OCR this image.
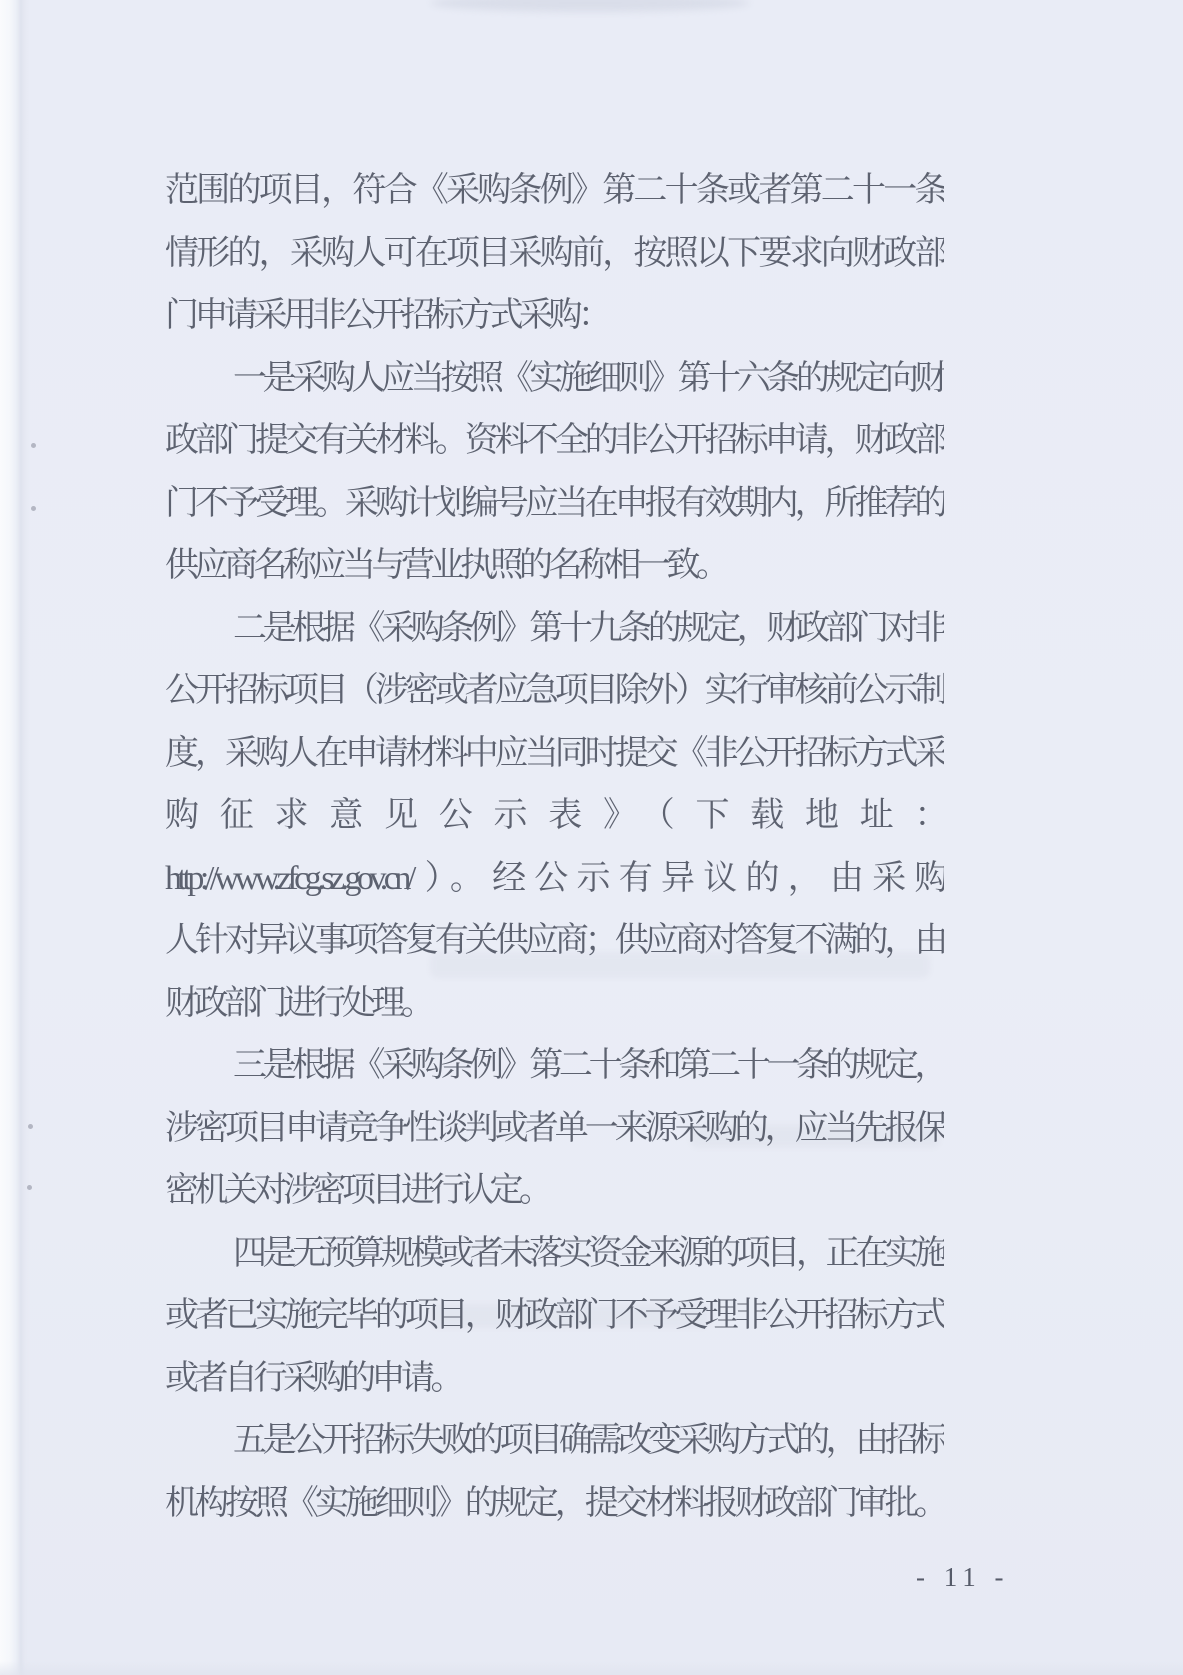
范围的项目，符合《采购条例》第二十条或者第二十一条
情形的，采购人可在项目采购前，按照以下要求向财政部
门申请采用非公开招标方式采购：
一是采购人应当按照《实施细则》第十六条的规定向财
政部门提交有关材料。资料不全的非公开招标申请，财政部
门不予受理。采购计划编号应当在申报有效期内，所推荐的
供应商名称应当与营业执照的名称相一致。
二是根据《采购条例》第十九条的规定，财政部门对非
公开招标项目（涉密或者应急项目除外）实行审核前公示制
度，采购人在申请材料中应当同时提交《非公开招标方式采
购征求意见公示表》（下载地址：
http://www.zfcg.sz.gov.cn/）。经公示有异议的，由采购
人针对异议事项答复有关供应商；供应商对答复不满的，由
财政部门进行处理。
三是根据《采购条例》第二十条和第二十一条的规定，
涉密项目申请竞争性谈判或者单一来源采购的，应当先报保
密机关对涉密项目进行认定。
四是无预算规模或者未落实资金来源的项目，正在实施
或者已实施完毕的项目，财政部门不予受理非公开招标方式
或者自行采购的申请。
五是公开招标失败的项目确需改变采购方式的，由招标
机构按照《实施细则》的规定，提交材料报财政部门审批。
- 11 -
